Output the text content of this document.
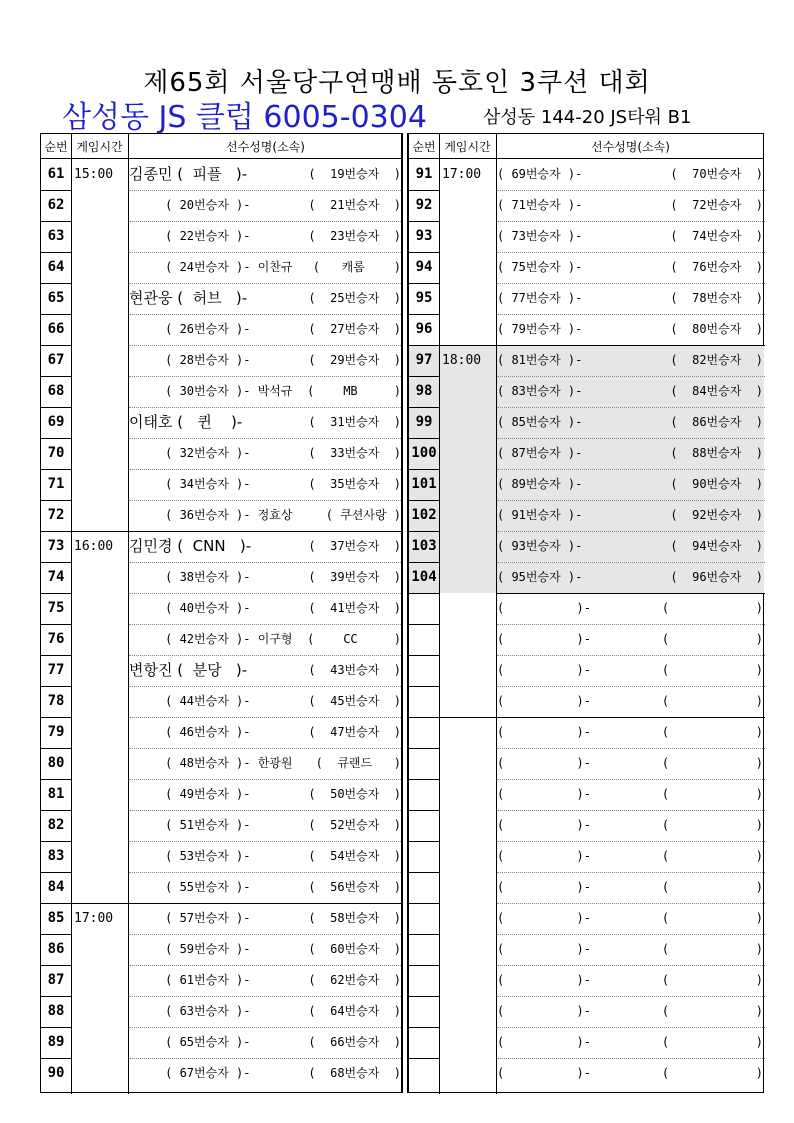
제65회 서울당구연맹배 동호인 3쿠션 대회
삼성동 JS 클럽 6005-0304	삼성동 144-20 JS타워 B1
순번 게임시간	선수성명(소속)
61 15:00	김종민 (  피플   )-	(  19번승자  )
62	( 20번승자 )-	(  21번승자  )
63	( 22번승자 )-	(  23번승자  )
64	( 24번승자 )- 이찬규 (   캐롬    )
65	현관웅 (  허브   )-	(  25번승자  )
66	( 26번승자 )-	(  27번승자  )
67	( 28번승자 )-	(  29번승자  )
68	( 30번승자 )- 박석규 (    MB     )
69	이태호 (   퀸    )-	(  31번승자  )
70	( 32번승자 )-	(  33번승자  )
71	( 34번승자 )-	(  35번승자  )
72	( 36번승자 )- 정효상	( 쿠션사랑 )
73 16:00	김민경 (  CNN   )-	(  37번승자  )
74	( 38번승자 )-	(  39번승자  )
75	( 40번승자 )-	(  41번승자  )
76	( 42번승자 )- 이구형 (    CC     )
77	변항진 (  분당   )-	(  43번승자  )
78	( 44번승자 )-	(  45번승자  )
79	( 46번승자 )-	(  47번승자  )
80	( 48번승자 )- 한광원 (  큐랜드   )
81	( 49번승자 )-	(  50번승자  )
82	( 51번승자 )-	(  52번승자  )
83	( 53번승자 )-	(  54번승자  )
84	( 55번승자 )-	(  56번승자  )
85 17:00	( 57번승자 )-	(  58번승자  )
86	( 59번승자 )-	(  60번승자  )
87	( 61번승자 )-	(  62번승자  )
88	( 63번승자 )-	(  64번승자  )
89	( 65번승자 )-	(  66번승자  )
90	( 67번승자 )-	(  68번승자  )
순번 게임시간	선수성명(소속)
91 17:00	( 69번승자 )-	(  70번승자  )
92	( 71번승자 )-	(  72번승자  )
93	( 73번승자 )-	(  74번승자  )
94	( 75번승자 )-	(  76번승자  )
95	( 77번승자 )-	(  78번승자  )
96	( 79번승자 )-	(  80번승자  )
97 18:00	( 81번승자 )-	(  82번승자  )
98	( 83번승자 )-	(  84번승자  )
99	( 85번승자 )-	(  86번승자  )
100	( 87번승자 )-	(  88번승자  )
101	( 89번승자 )-	(  90번승자  )
102	( 91번승자 )-	(  92번승자  )
103	( 93번승자 )-	(  94번승자  )
104	( 95번승자 )-	(  96번승자  )
(          )-	(            )
(          )-	(            )
(          )-	(            )
(          )-	(            )
(          )-	(            )
(          )-	(            )
(          )-	(            )
(          )-	(            )
(          )-	(            )
(          )-	(            )
(          )-	(            )
(          )-	(            )
(          )-	(            )
(          )-	(            )
(          )-	(            )
(          )-	(            )
